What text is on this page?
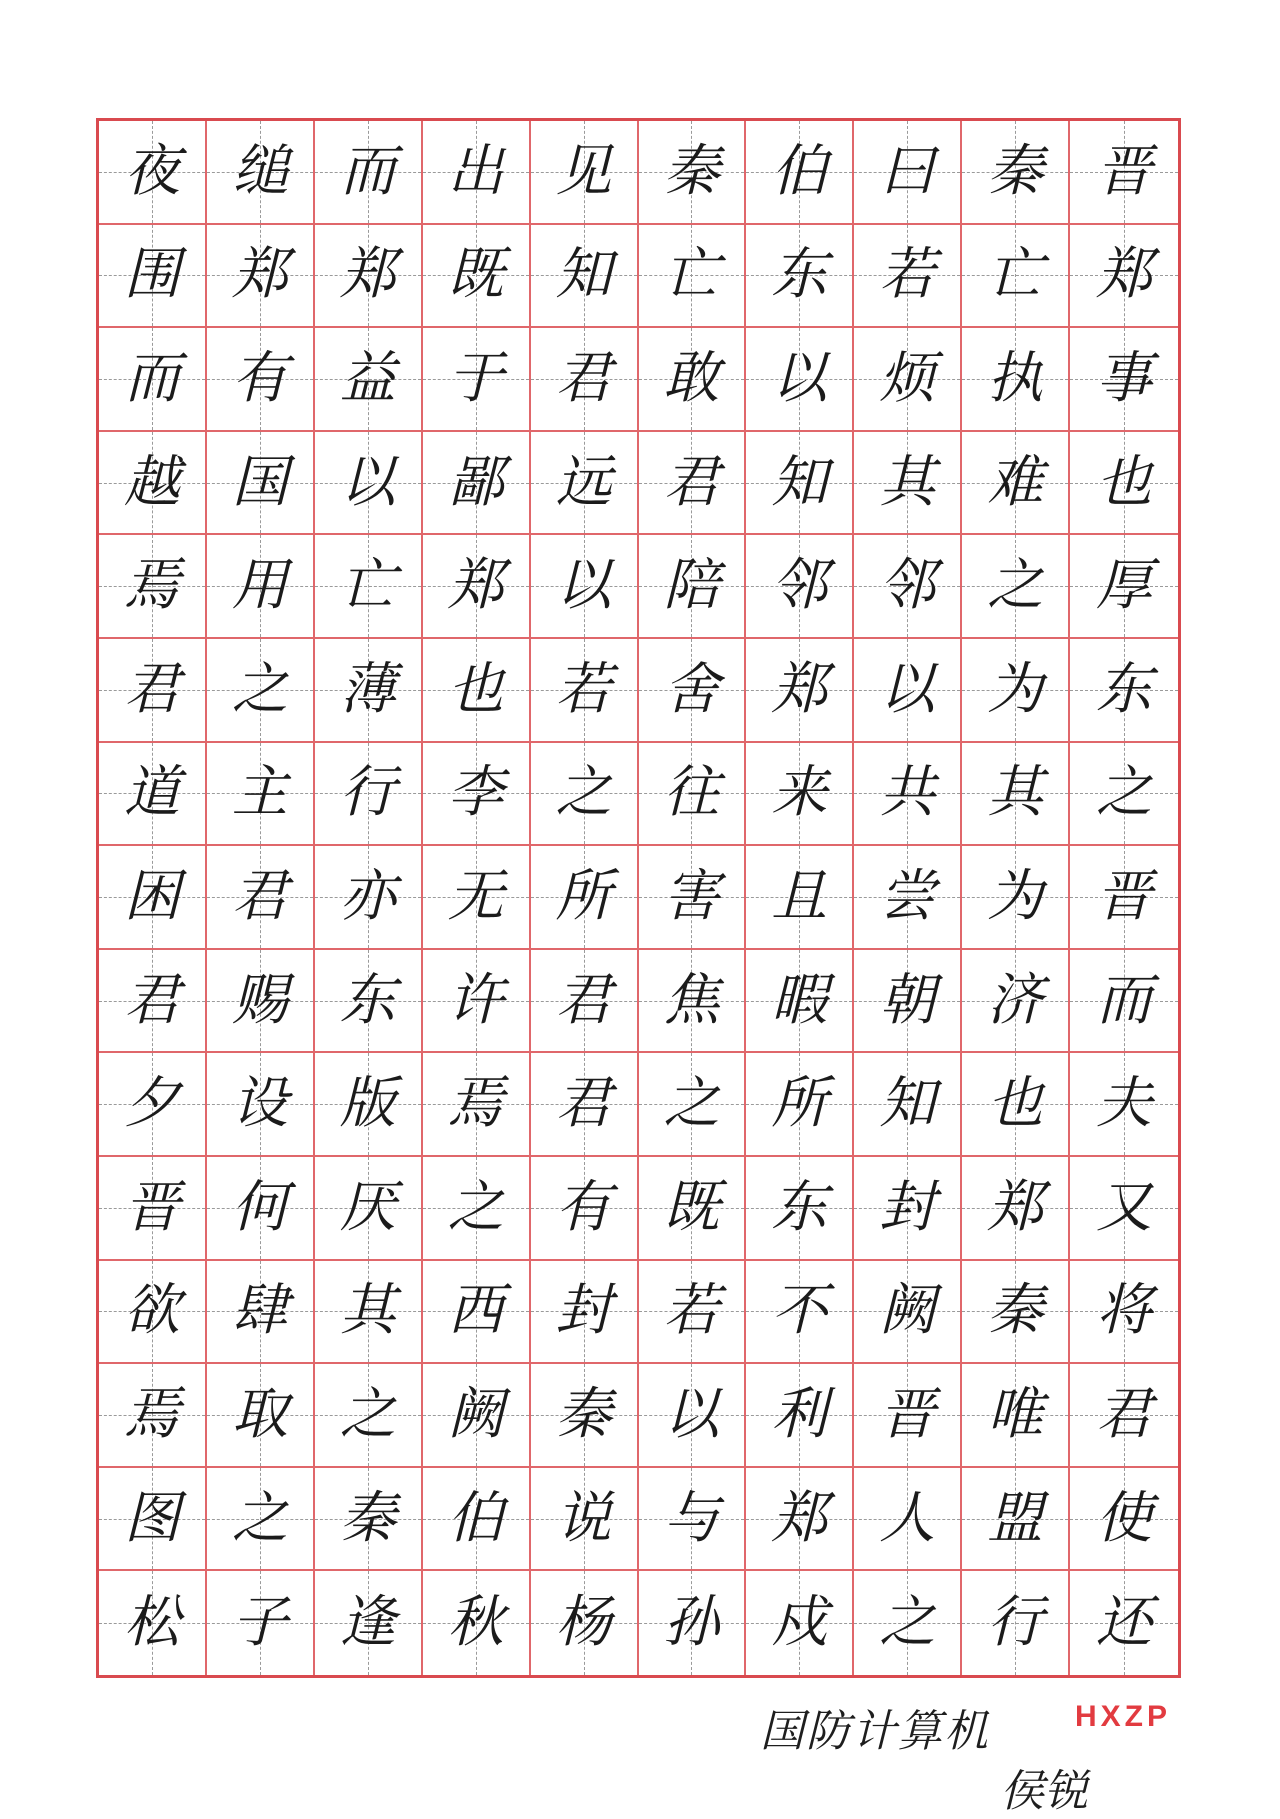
夜 缒 而 出 见 秦 伯 曰 秦 晋
围 郑 郑 既 知 亡 东 若 亡 郑
而 有 益 于 君 敢 以 烦 执 事
越 国 以 鄙 远 君 知 其 难 也
焉 用 亡 郑 以 陪 邻 邻 之 厚
君 之 薄 也 若 舍 郑 以 为 东
道 主 行 李 之 往 来 共 其 之
困 君 亦 无 所 害 且 尝 为 晋
君 赐 东 许 君 焦 暇 朝 济 而
夕 设 版 焉 君 之 所 知 也 夫
晋 何 厌 之 有 既 东 封 郑 又
欲 肆 其 西 封 若 不 阙 秦 将
焉 取 之 阙 秦 以 利 晋 唯 君
图 之 秦 伯 说 与 郑 人 盟 使
松 子 逢 秋 杨 孙 戍 之 行 还
国防计算机
侯锐
HXZP
